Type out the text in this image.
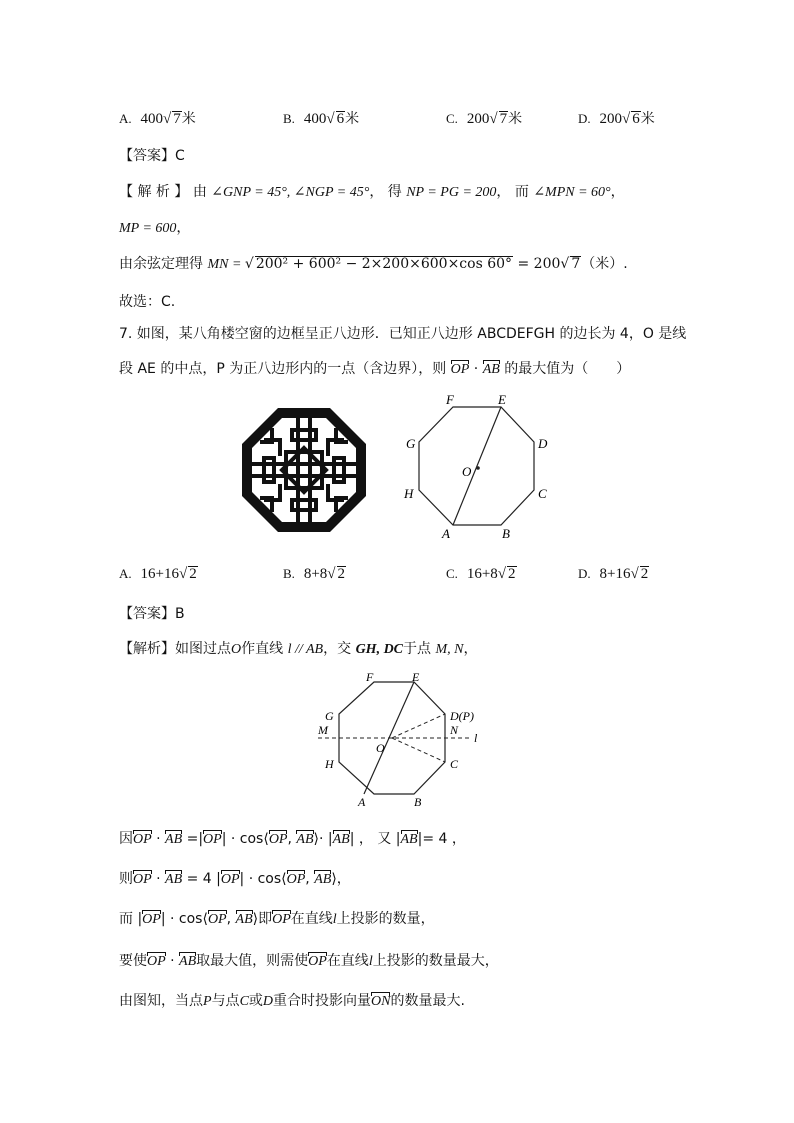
A. 400√ 7米	B. 400√ 6米	C. 200√ 7米	D. 200√ 6米
【答案】C
【 解 析 】 由 ∠GNP = 45°, ∠NGP = 45°， 得 NP = PG = 200， 而 ∠MPN = 60°，
MP = 600，
由余弦定理得 MN = √ 200² + 600² − 2×200×600×cos 60° = 200√ 7（米）.
故选：C.
7. 如图，某八角楼空窗的边框呈正八边形．已知正八边形 ABCDEFGH 的边长为 4，O 是线
段 AE 的中点，P 为正八边形内的一点（含边界），则 OP · AB 的最大值为（　　）
F	E
G	D
O
H	C
A	B
A. 16+16√ 2	B. 8+8√ 2	C. 16+8√ 2	D. 8+16√ 2
【答案】B
【解析】如图过点O作直线 l // AB，交 GH, DC于点 M, N，
F	E
G	D(P)
M	N
l
O
H	C
A	B
因OP · AB =|OP| · cos⟨OP, AB⟩· |AB| ， 又 |AB|= 4 ，
则OP · AB = 4 |OP| · cos⟨OP, AB⟩，
而 |OP| · cos⟨OP, AB⟩即OP在直线l上投影的数量，
要使OP · AB取最大值，则需使OP在直线l上投影的数量最大，
由图知，当点P与点C或D重合时投影向量ON的数量最大.
